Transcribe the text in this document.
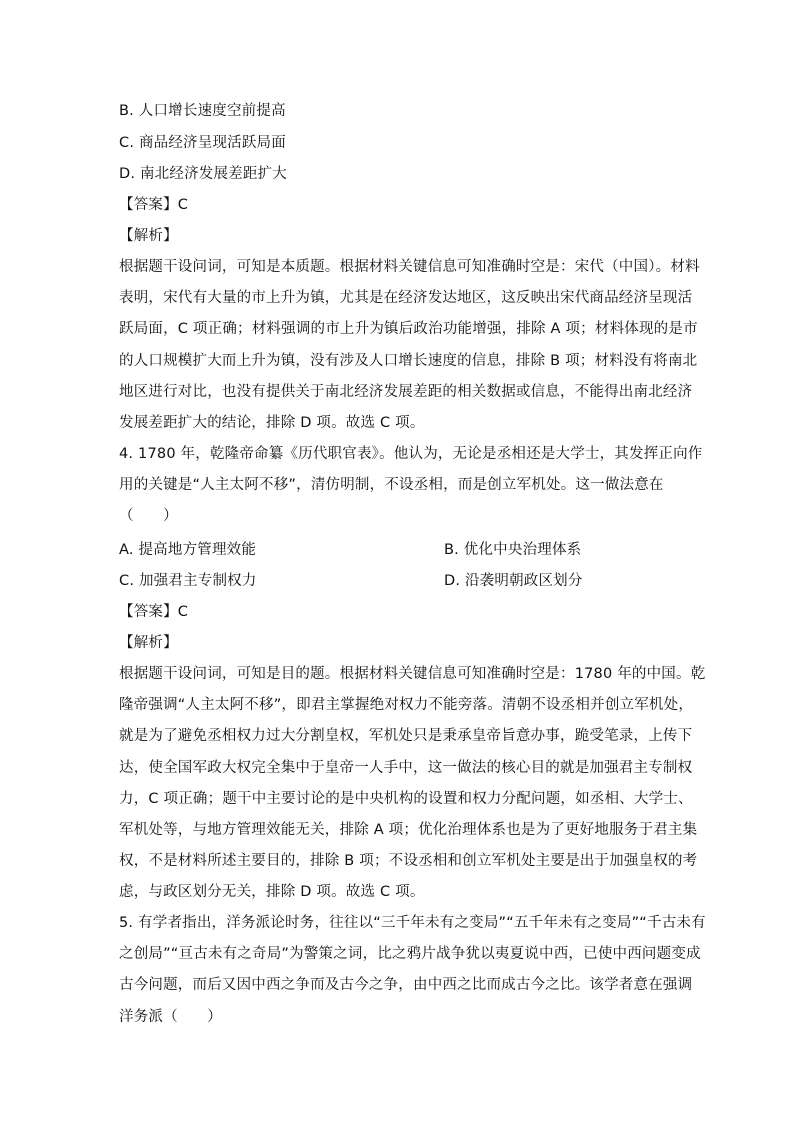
B. 人口增长速度空前提高
C. 商品经济呈现活跃局面
D. 南北经济发展差距扩大
【答案】C
【解析】
根据题干设问词，可知是本质题。根据材料关键信息可知准确时空是：宋代（中国）。材料
表明，宋代有大量的市上升为镇，尤其是在经济发达地区，这反映出宋代商品经济呈现活
跃局面，C 项正确；材料强调的市上升为镇后政治功能增强，排除 A 项；材料体现的是市
的人口规模扩大而上升为镇，没有涉及人口增长速度的信息，排除 B 项；材料没有将南北
地区进行对比，也没有提供关于南北经济发展差距的相关数据或信息，不能得出南北经济
发展差距扩大的结论，排除 D 项。故选 C 项。
4. 1780 年，乾隆帝命纂《历代职官表》。他认为，无论是丞相还是大学士，其发挥正向作
用的关键是“人主太阿不移”，清仿明制，不设丞相，而是创立军机处。这一做法意在
（　　）
A. 提高地方管理效能	B. 优化中央治理体系
C. 加强君主专制权力	D. 沿袭明朝政区划分
【答案】C
【解析】
根据题干设问词，可知是目的题。根据材料关键信息可知准确时空是：1780 年的中国。乾
隆帝强调“人主太阿不移”，即君主掌握绝对权力不能旁落。清朝不设丞相并创立军机处，
就是为了避免丞相权力过大分割皇权，军机处只是秉承皇帝旨意办事，跪受笔录，上传下
达，使全国军政大权完全集中于皇帝一人手中，这一做法的核心目的就是加强君主专制权
力，C 项正确；题干中主要讨论的是中央机构的设置和权力分配问题，如丞相、大学士、
军机处等，与地方管理效能无关，排除 A 项；优化治理体系也是为了更好地服务于君主集
权，不是材料所述主要目的，排除 B 项；不设丞相和创立军机处主要是出于加强皇权的考
虑，与政区划分无关，排除 D 项。故选 C 项。
5. 有学者指出，洋务派论时务，往往以“三千年未有之变局”“五千年未有之变局”“千古未有
之创局”“亘古未有之奇局”为警策之词，比之鸦片战争犹以夷夏说中西，已使中西问题变成
古今问题，而后又因中西之争而及古今之争，由中西之比而成古今之比。该学者意在强调
洋务派（　　）
